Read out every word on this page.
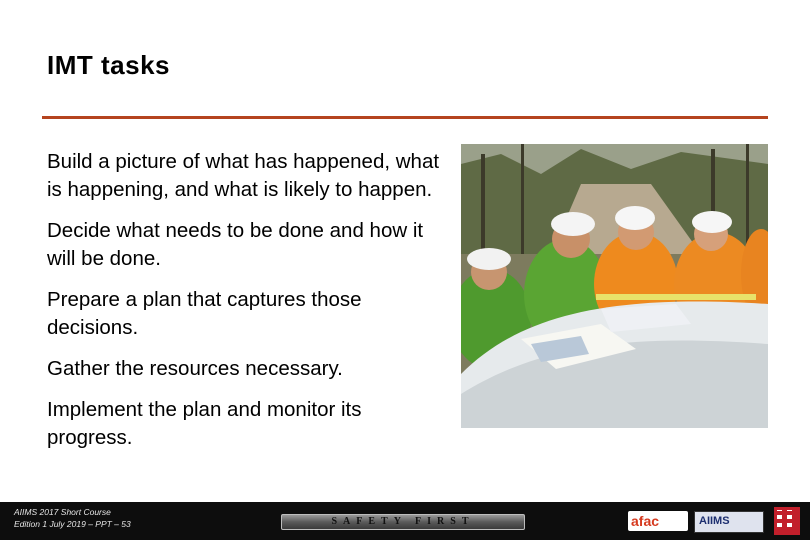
IMT tasks
Build a picture of what has happened, what is happening, and what is likely to happen.
Decide what needs to be done and how it will be done.
Prepare a plan that captures those decisions.
Gather the resources necessary.
Implement the plan and monitor its progress.
AIIMS 2017 Short Course
Edition 1 July 2019 – PPT – 53	SAFETY FIRST	afac	AIIMS
